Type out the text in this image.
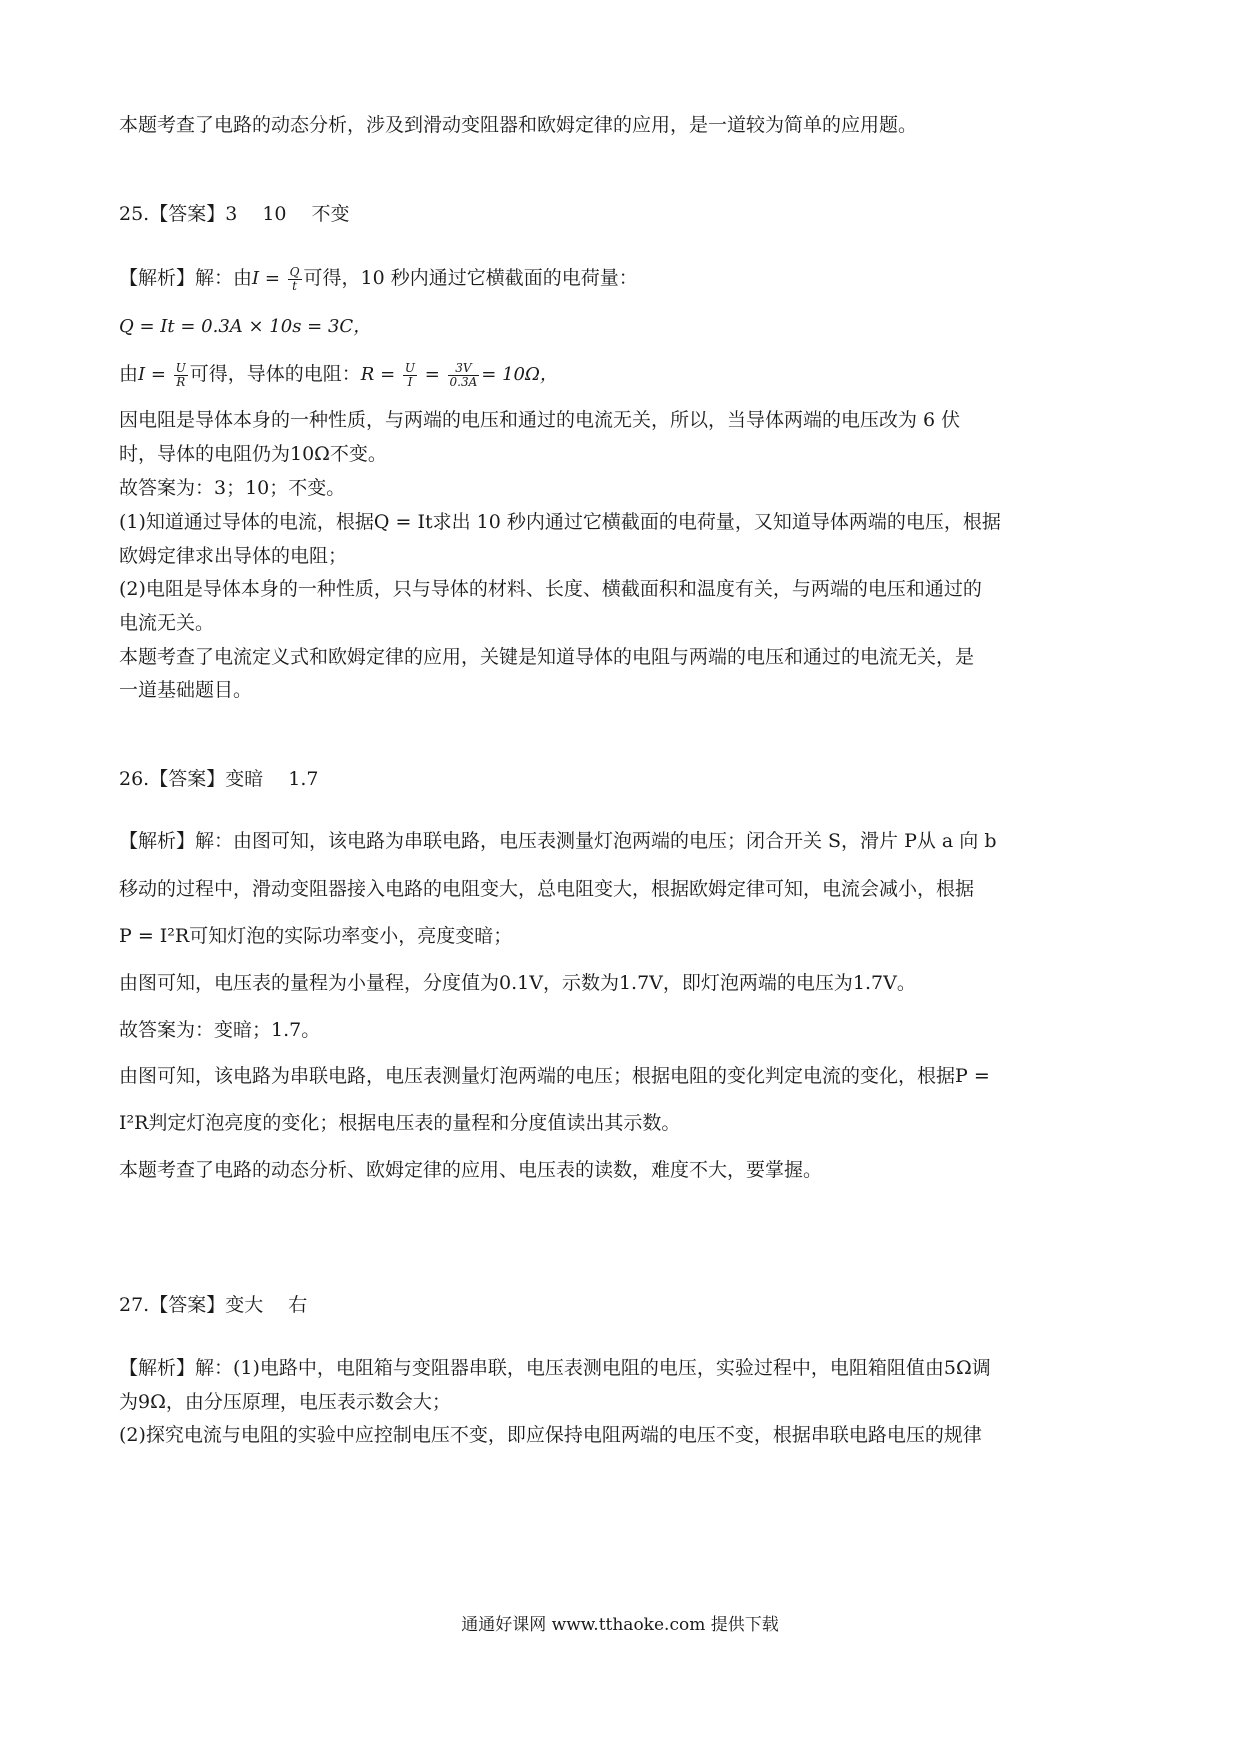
本题考查了电路的动态分析，涉及到滑动变阻器和欧姆定律的应用，是一道较为简单的应用题。
25.【答案】3　 10　 不变
【解析】解：由$I = \frac{Q}{t}$ 可得，10 秒内通过它横截面的电荷量：
Q = It = 0.3A × 10s = 3C，
由$I = \frac{U}{R}$ 可得，导体的电阻：$R = \frac{U}{I} = \frac{3V}{0.3A} = 10\Omega$，
因电阻是导体本身的一种性质，与两端的电压和通过的电流无关，所以，当导体两端的电压改为 6 伏
时，导体的电阻仍为10Ω不变。
故答案为：3；10；不变。
(1)知道通过导体的电流，根据Q = It求出 10 秒内通过它横截面的电荷量，又知道导体两端的电压，根据
欧姆定律求出导体的电阻；
(2)电阻是导体本身的一种性质，只与导体的材料、长度、横截面积和温度有关，与两端的电压和通过的
电流无关。
本题考查了电流定义式和欧姆定律的应用，关键是知道导体的电阻与两端的电压和通过的电流无关，是
一道基础题目。
26.【答案】变暗　 1.7
【解析】解：由图可知，该电路为串联电路，电压表测量灯泡两端的电压；闭合开关 S，滑片 P从 a 向 b
移动的过程中，滑动变阻器接入电路的电阻变大，总电阻变大，根据欧姆定律可知，电流会减小，根据
P = I²R可知灯泡的实际功率变小，亮度变暗；
由图可知，电压表的量程为小量程，分度值为0.1V，示数为1.7V，即灯泡两端的电压为1.7V。
故答案为：变暗；1.7。
由图可知，该电路为串联电路，电压表测量灯泡两端的电压；根据电阻的变化判定电流的变化，根据P =
I²R判定灯泡亮度的变化；根据电压表的量程和分度值读出其示数。
本题考查了电路的动态分析、欧姆定律的应用、电压表的读数，难度不大，要掌握。
27.【答案】变大　 右
【解析】解：(1)电路中，电阻箱与变阻器串联，电压表测电阻的电压，实验过程中，电阻箱阻值由5Ω调
为9Ω，由分压原理，电压表示数会大；
(2)探究电流与电阻的实验中应控制电压不变，即应保持电阻两端的电压不变，根据串联电路电压的规律
通通好课网 www.tthaoke.com 提供下载
